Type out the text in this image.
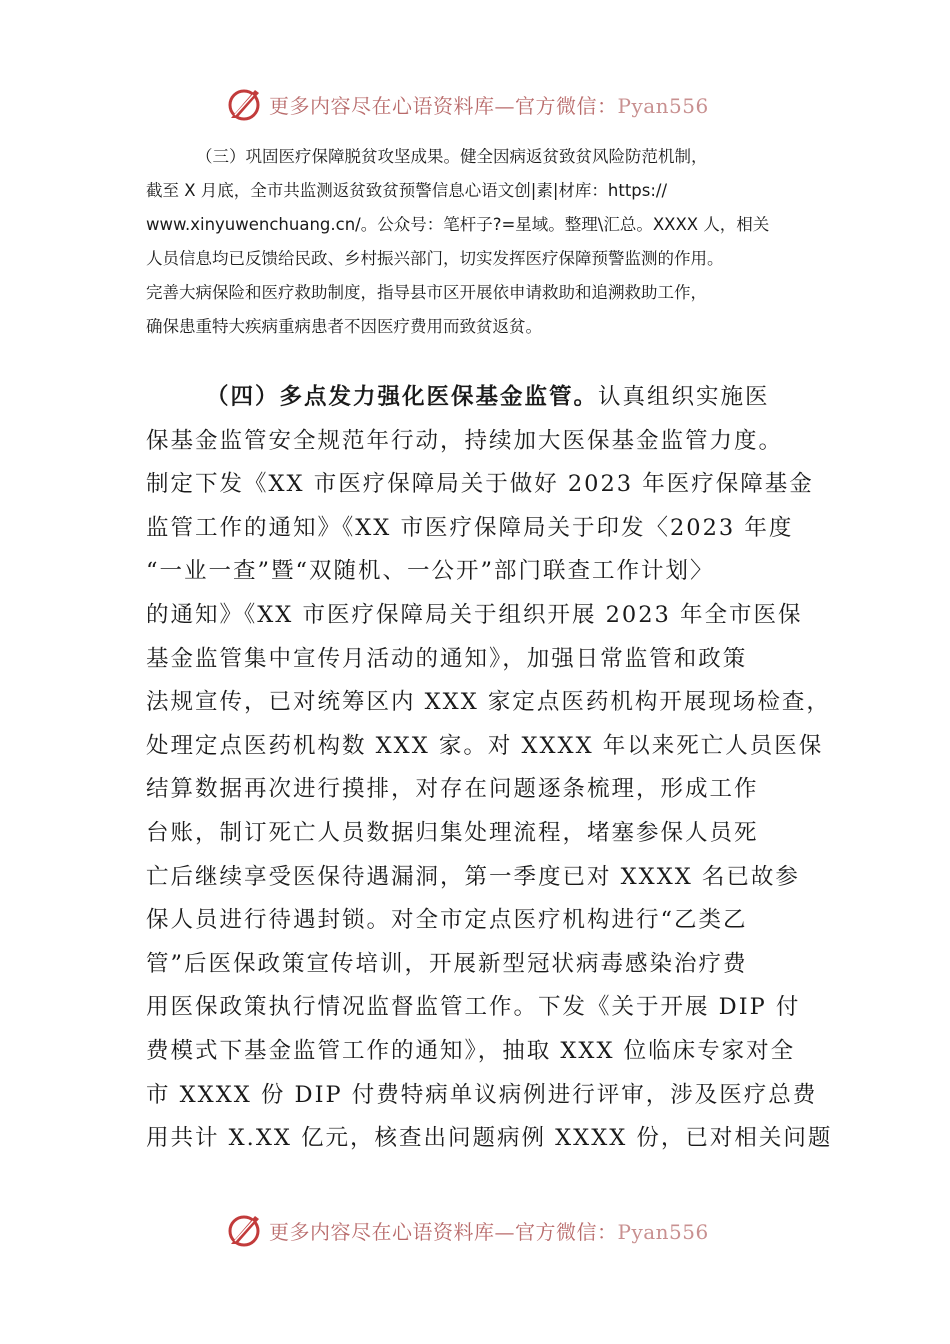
更多内容尽在心语资料库—官方微信：Pyan556
（三）巩固医疗保障脱贫攻坚成果。健全因病返贫致贫风险防范机制，
截至 X 月底，全市共监测返贫致贫预警信息心语文创|素|材库：https://
www.xinyuwenchuang.cn/。公众号：笔杆子?=星域。整理\汇总。XXXX 人，相关
人员信息均已反馈给民政、乡村振兴部门，切实发挥医疗保障预警监测的作用。
完善大病保险和医疗救助制度，指导县市区开展依申请救助和追溯救助工作，
确保患重特大疾病重病患者不因医疗费用而致贫返贫。
（四）多点发力强化医保基金监管。认真组织实施医
保基金监管安全规范年行动，持续加大医保基金监管力度。
制定下发《XX 市医疗保障局关于做好 2023 年医疗保障基金
监管工作的通知》《XX 市医疗保障局关于印发〈2023 年度
“一业一查”暨“双随机、一公开”部门联查工作计划〉
的通知》《XX 市医疗保障局关于组织开展 2023 年全市医保
基金监管集中宣传月活动的通知》，加强日常监管和政策
法规宣传，已对统筹区内 XXX 家定点医药机构开展现场检查，
处理定点医药机构数 XXX 家。对 XXXX 年以来死亡人员医保
结算数据再次进行摸排，对存在问题逐条梳理，形成工作
台账，制订死亡人员数据归集处理流程，堵塞参保人员死
亡后继续享受医保待遇漏洞，第一季度已对 XXXX 名已故参
保人员进行待遇封锁。对全市定点医疗机构进行“乙类乙
管”后医保政策宣传培训，开展新型冠状病毒感染治疗费
用医保政策执行情况监督监管工作。下发《关于开展 DIP 付
费模式下基金监管工作的通知》，抽取 XXX 位临床专家对全
市 XXXX 份 DIP 付费特病单议病例进行评审，涉及医疗总费
用共计 X.XX 亿元，核查出问题病例 XXXX 份，已对相关问题
更多内容尽在心语资料库—官方微信：Pyan556
